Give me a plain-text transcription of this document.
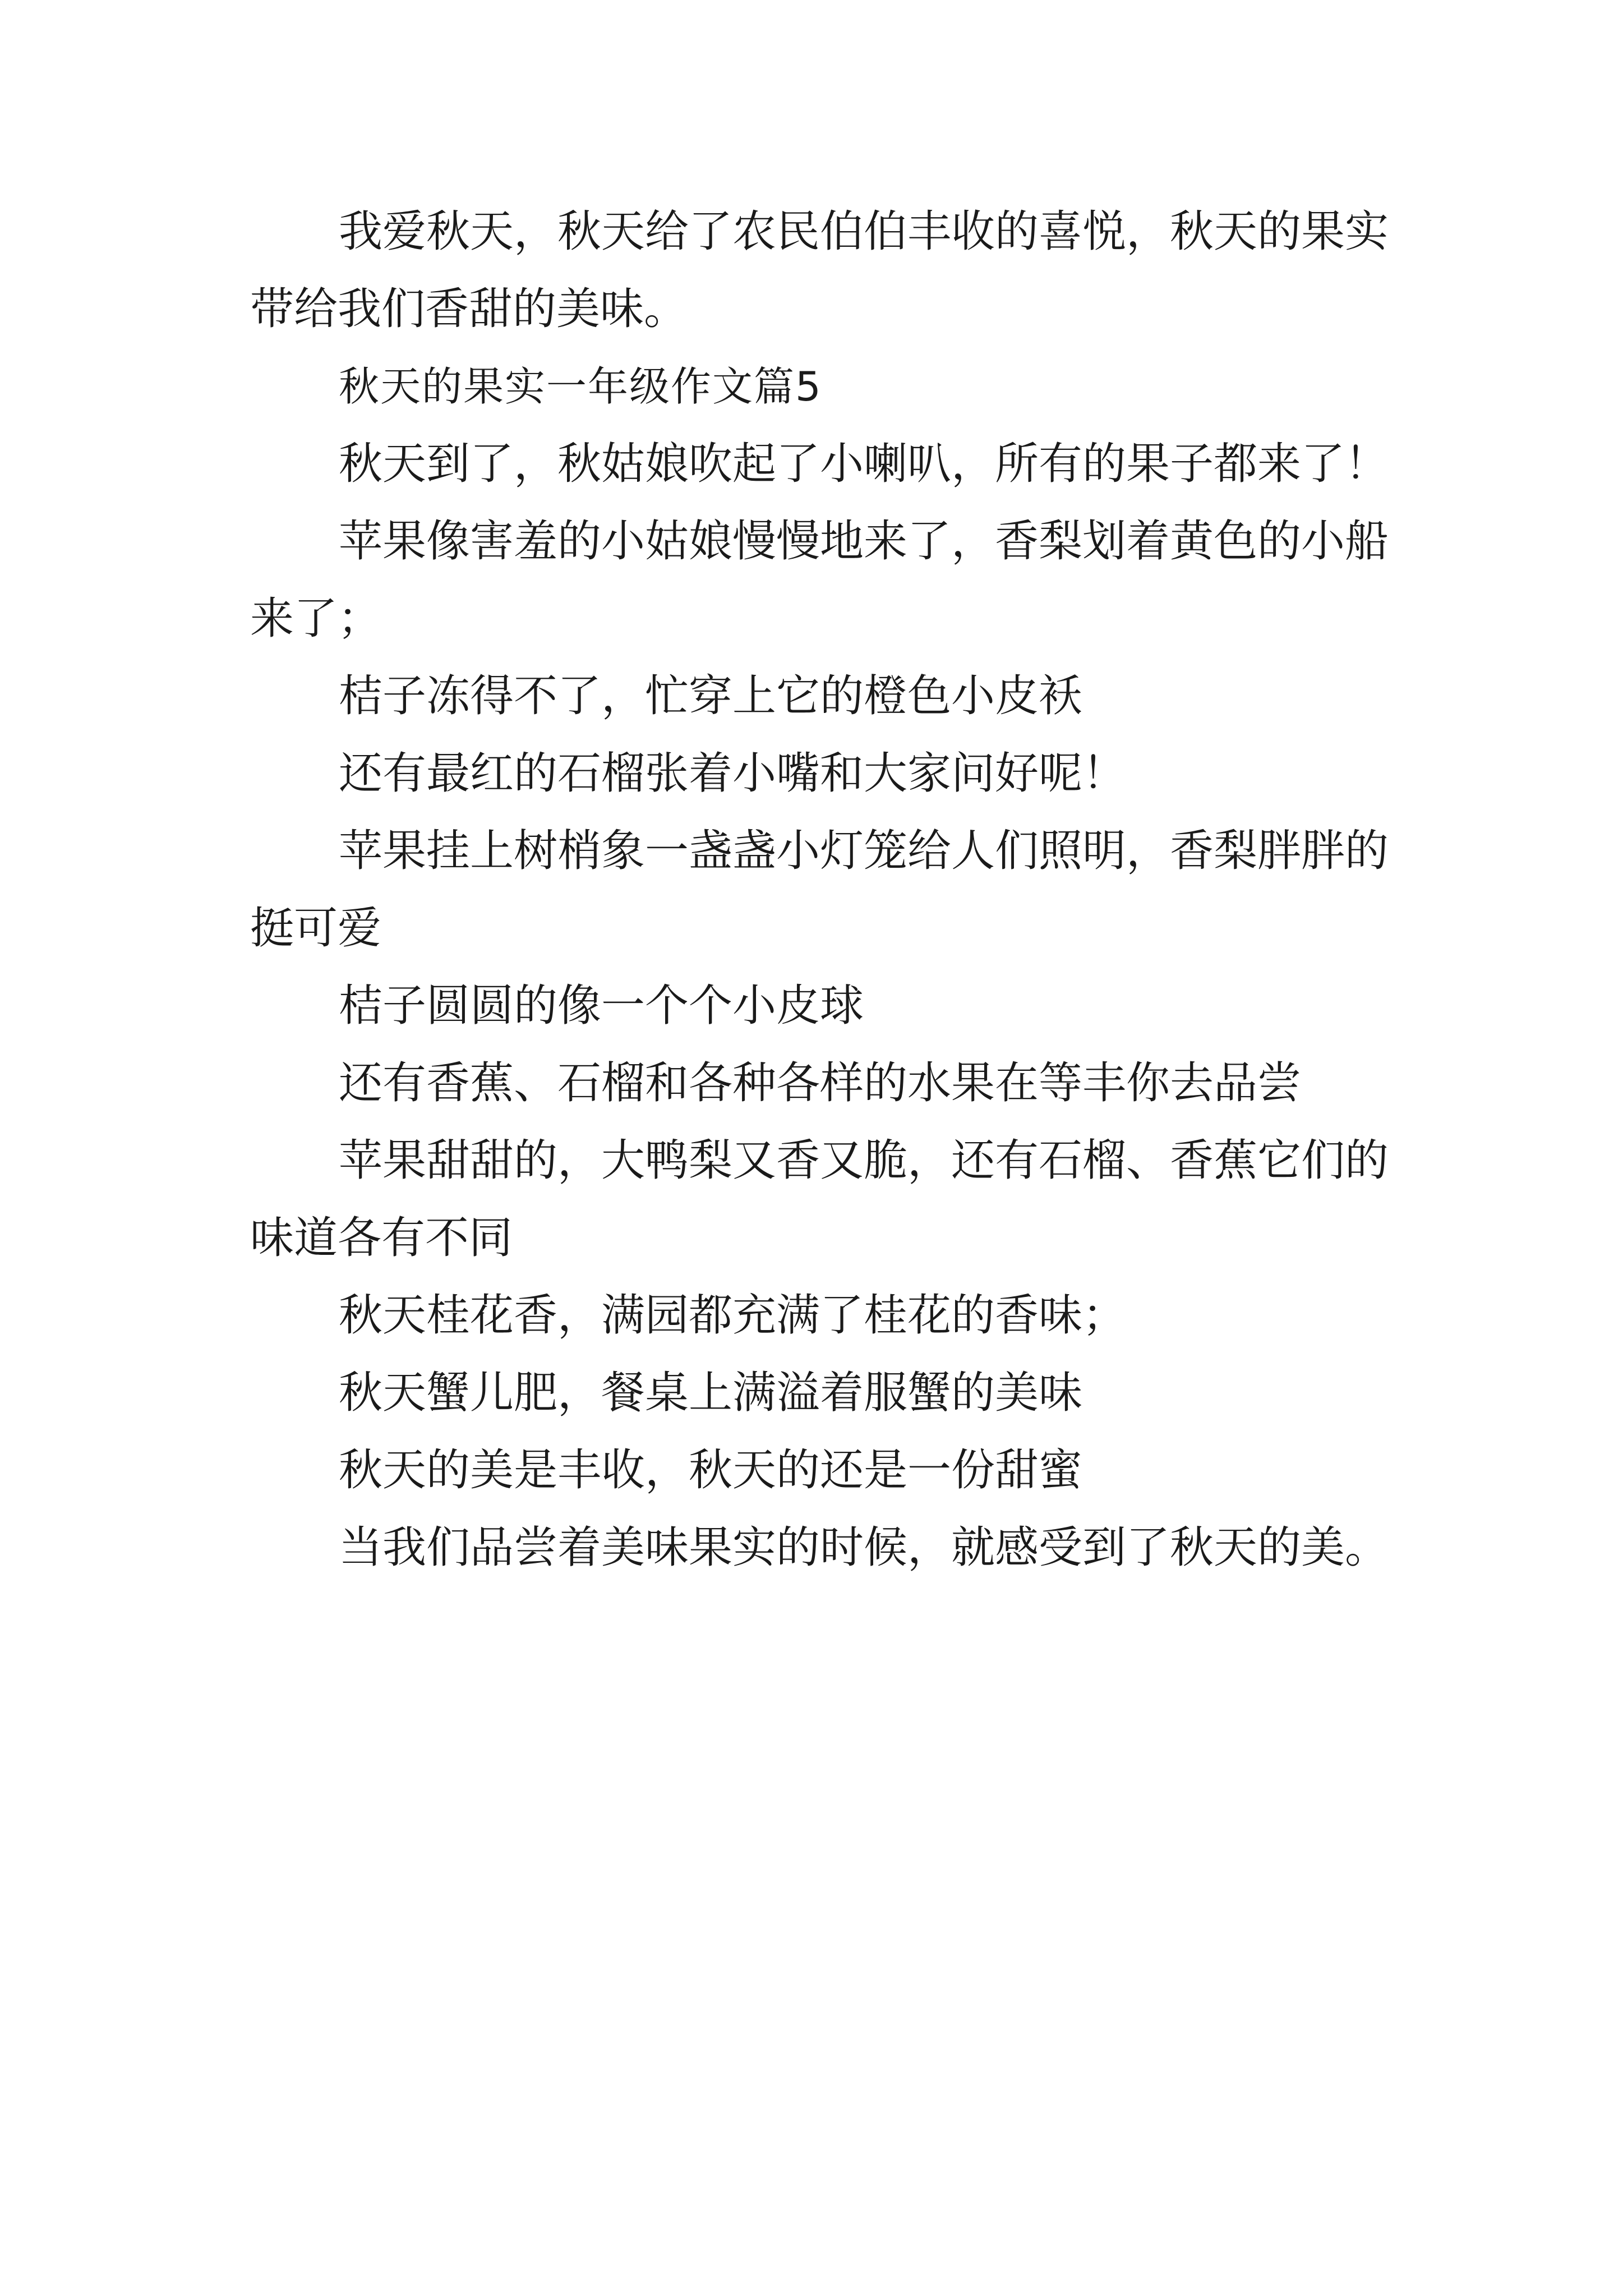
我爱秋天，秋天给了农民伯伯丰收的喜悦，秋天的果实
带给我们香甜的美味。
秋天的果实一年级作文篇5
秋天到了，秋姑娘吹起了小喇叭，所有的果子都来了！
苹果像害羞的小姑娘慢慢地来了，香梨划着黄色的小船
来了；
桔子冻得不了，忙穿上它的橙色小皮袄
还有最红的石榴张着小嘴和大家问好呢！
苹果挂上树梢象一盏盏小灯笼给人们照明，香梨胖胖的
挺可爱
桔子圆圆的像一个个小皮球
还有香蕉、石榴和各种各样的水果在等丰你去品尝
苹果甜甜的，大鸭梨又香又脆，还有石榴、香蕉它们的
味道各有不同
秋天桂花香，满园都充满了桂花的香味；
秋天蟹儿肥，餐桌上满溢着服蟹的美味
秋天的美是丰收，秋天的还是一份甜蜜
当我们品尝着美味果实的时候，就感受到了秋天的美。
